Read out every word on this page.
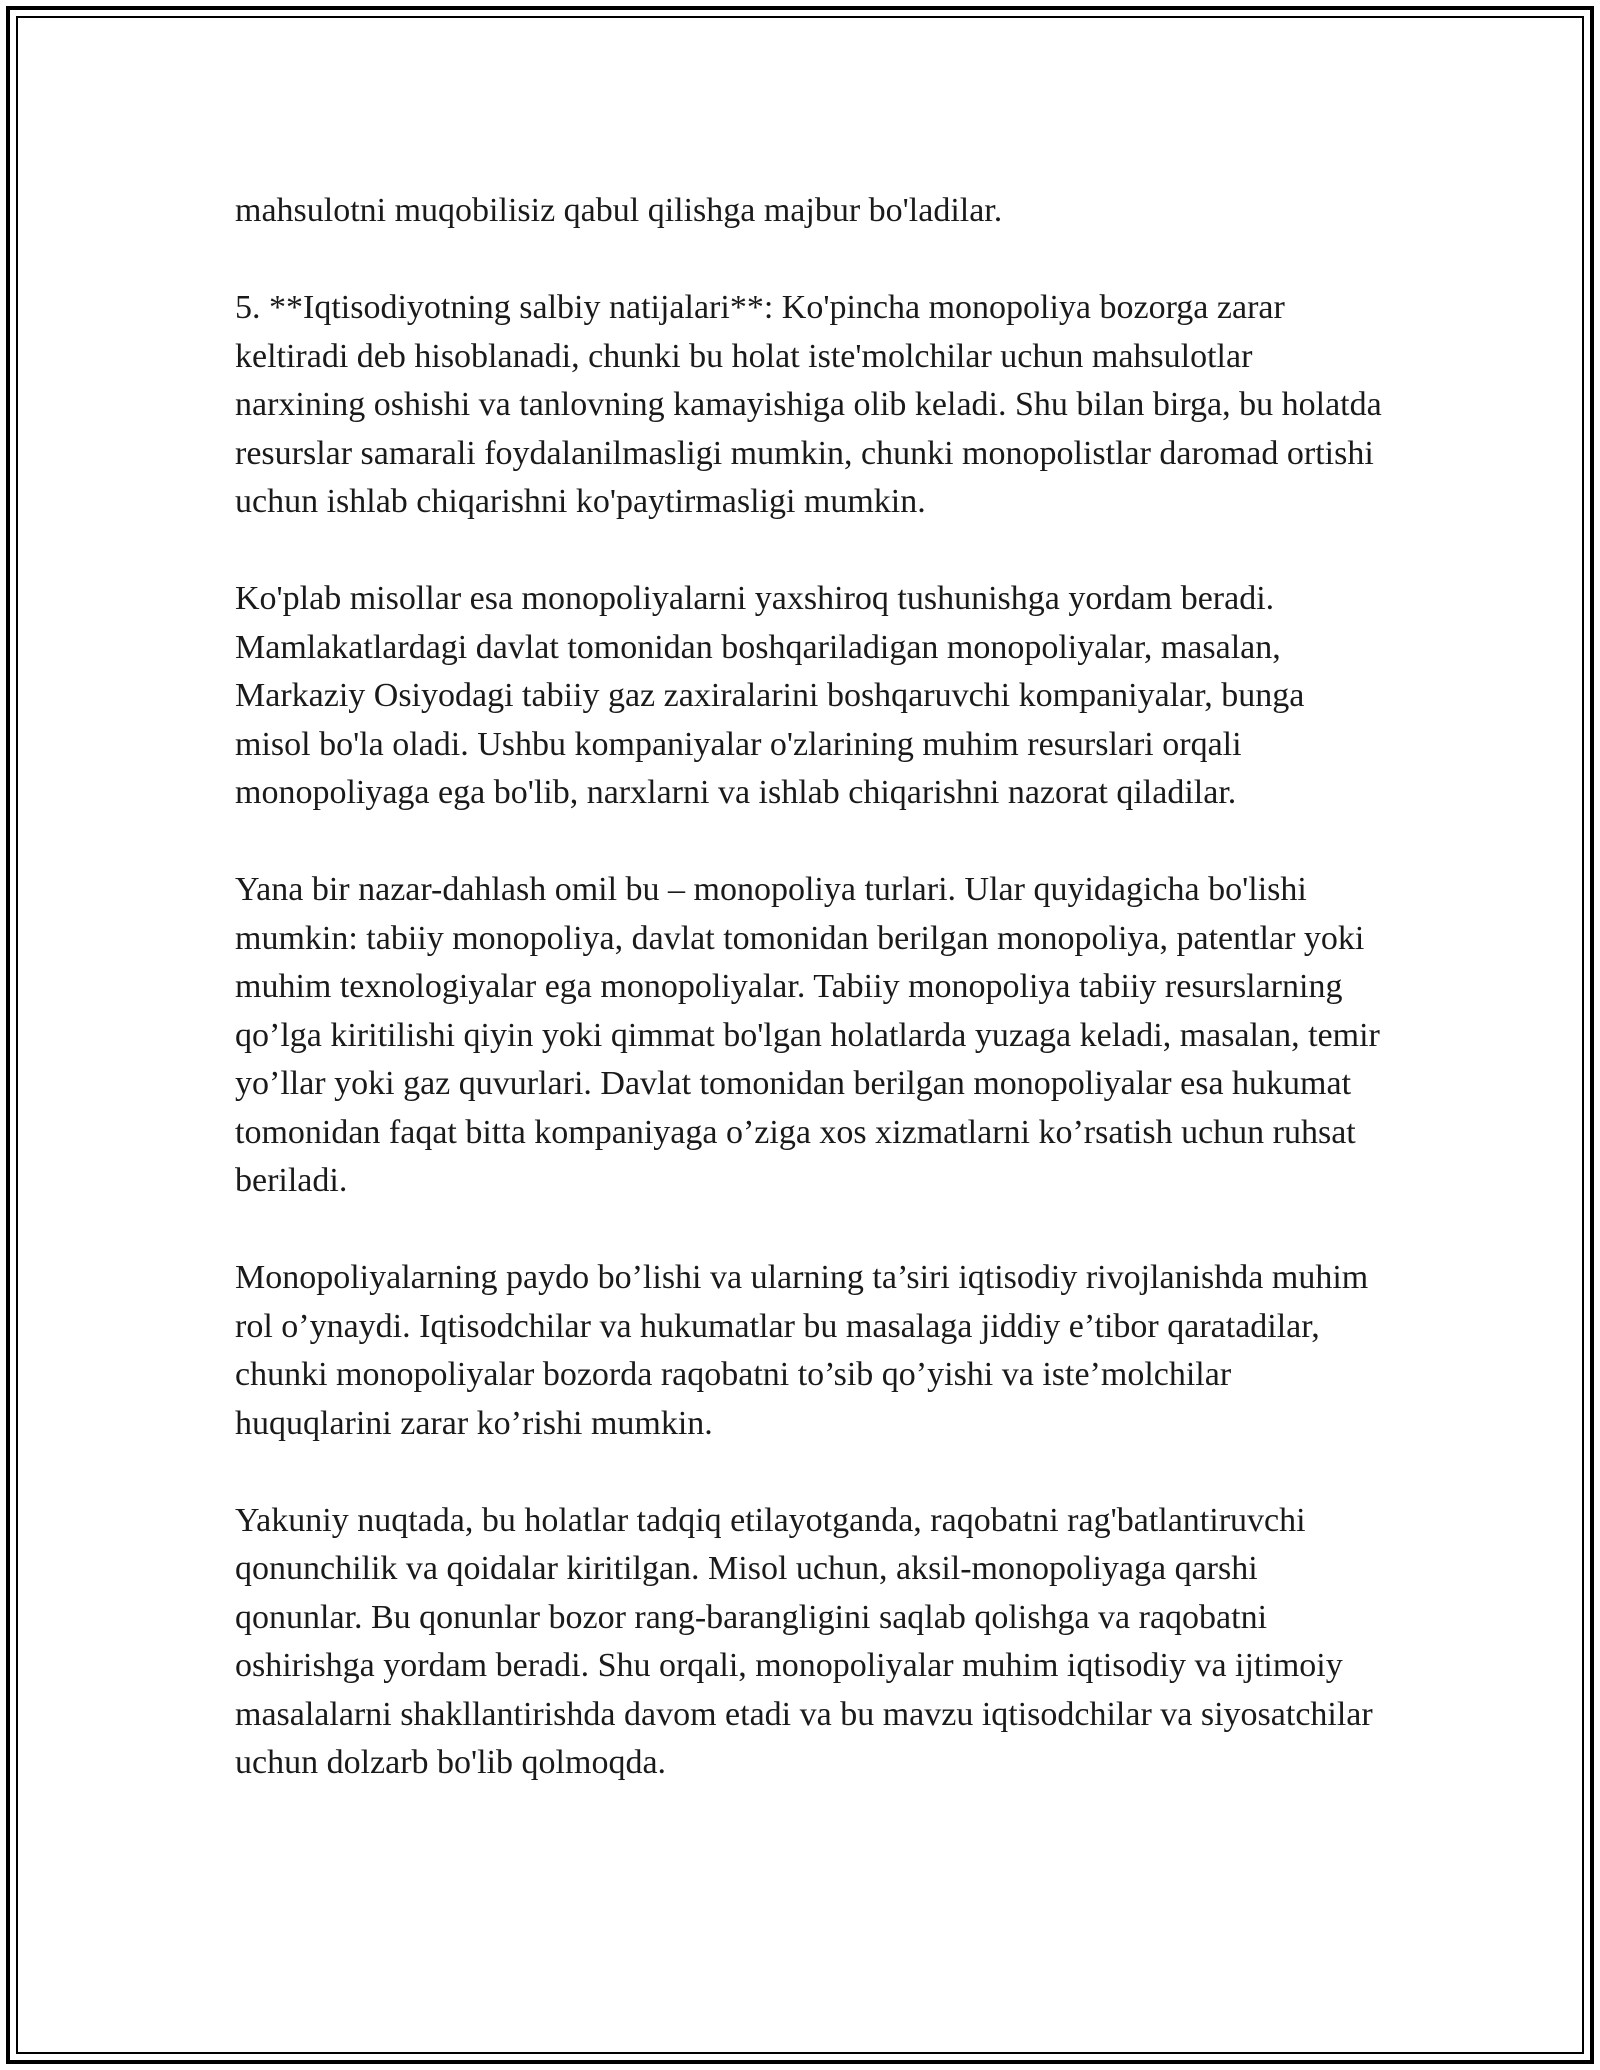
mahsulotni muqobilisiz qabul qilishga majbur bo'ladilar.

5. **Iqtisodiyotning salbiy natijalari**: Ko'pincha monopoliya bozorga zarar keltiradi deb hisoblanadi, chunki bu holat iste'molchilar uchun mahsulotlar narxining oshishi va tanlovning kamayishiga olib keladi. Shu bilan birga, bu holatda resurslar samarali foydalanilmasligi mumkin, chunki monopolistlar daromad ortishi uchun ishlab chiqarishni ko'paytirmasligi mumkin.

Ko'plab misollar esa monopoliyalarni yaxshiroq tushunishga yordam beradi. Mamlakatlardagi davlat tomonidan boshqariladigan monopoliyalar, masalan, Markaziy Osiyodagi tabiiy gaz zaxiralarini boshqaruvchi kompaniyalar, bunga misol bo'la oladi. Ushbu kompaniyalar o'zlarining muhim resurslari orqali monopoliyaga ega bo'lib, narxlarni va ishlab chiqarishni nazorat qiladilar.

Yana bir nazar-dahlash omil bu – monopoliya turlari. Ular quyidagicha bo'lishi mumkin: tabiiy monopoliya, davlat tomonidan berilgan monopoliya, patentlar yoki muhim texnologiyalar ega monopoliyalar. Tabiiy monopoliya tabiiy resurslarning qo’lga kiritilishi qiyin yoki qimmat bo'lgan holatlarda yuzaga keladi, masalan, temir yo’llar yoki gaz quvurlari. Davlat tomonidan berilgan monopoliyalar esa hukumat tomonidan faqat bitta kompaniyaga o’ziga xos xizmatlarni ko’rsatish uchun ruhsat beriladi.

Monopoliyalarning paydo bo’lishi va ularning ta’siri iqtisodiy rivojlanishda muhim rol o’ynaydi. Iqtisodchilar va hukumatlar bu masalaga jiddiy e’tibor qaratadilar, chunki monopoliyalar bozorda raqobatni to’sib qo’yishi va iste’molchilar huquqlarini zarar ko’rishi mumkin.

Yakuniy nuqtada, bu holatlar tadqiq etilayotganda, raqobatni rag'batlantiruvchi qonunchilik va qoidalar kiritilgan. Misol uchun, aksil-monopoliyaga qarshi qonunlar. Bu qonunlar bozor rang-barangligini saqlab qolishga va raqobatni oshirishga yordam beradi. Shu orqali, monopoliyalar muhim iqtisodiy va ijtimoiy masalalarni shakllantirishda davom etadi va bu mavzu iqtisodchilar va siyosatchilar uchun dolzarb bo'lib qolmoqda.
